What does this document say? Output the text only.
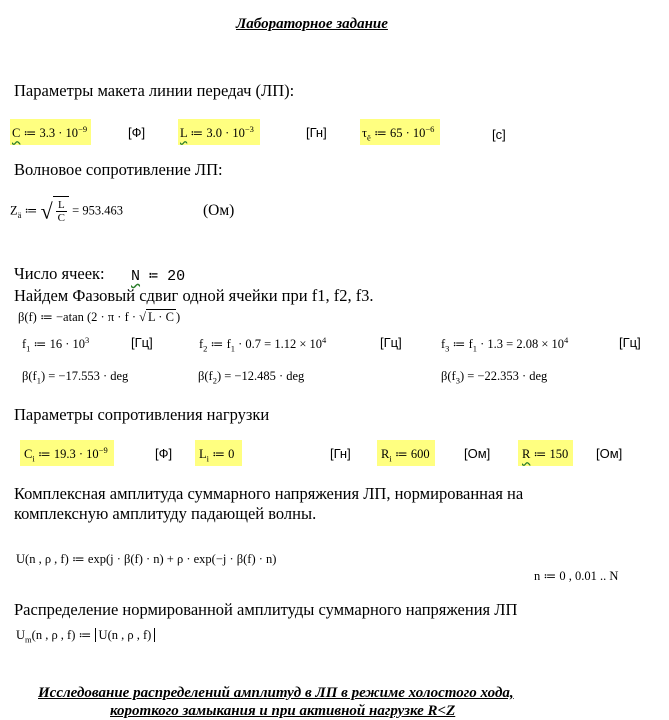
Лабораторное задание
Параметры макета линии передач (ЛП):
C ≔ $3.3 \cdot 10^{-9}$	[Ф]	L ≔ $3.0 \cdot 10^{-3}$	[Гн]	$\tau_ё$ ≔ $65 \cdot 10^{-6}$	[с]
Волновое сопротивление ЛП:
$Z_ä$ ≔ √ $\frac{L}{C} = 953.463$	(Ом)
Число ячеек: N ≔ 20
Найдем Фазовый сдвиг одной ячейки при f1, f2, f3.
β(f) ≔ −atan (2 · π · f · √ L · C )
$f_1$ ≔ $16 \cdot 10^3$	[Гц]	$f_2$ ≔ $f_1 \cdot 0.7 = 1.12 \times 10^4$	[Гц]	$f_3$ ≔ $f_1 \cdot 1.3 = 2.08 \times 10^4$	[Гц]
$\beta(f_1) = -17.553$ · deg	$\beta(f_2) = -12.485$ · deg	$\beta(f_3) = -22.353$ · deg
Параметры сопротивления нагрузки
$C_i$ ≔ $19.3 \cdot 10^{-9}$	[Ф]	$L_i$ ≔ 0	[Гн]	$R_i$ ≔ 600	[Ом]	R ≔ 150	[Ом]
Комплексная амплитуда суммарного напряжения ЛП, нормированная на
комплексную амплитуду падающей волны.
U(n , ρ , f) ≔ exp(j · β(f) · n) + ρ · exp(−j · β(f) · n)
n ≔ 0 , 0.01 .. N
Распределение нормированной амплитуды суммарного напряжения ЛП
$U_m(n$ , ρ , f) ≔ U(n , ρ , f)
Исследование распределений амплитуд в ЛП в режиме холостого хода,
короткого замыкания и при активной нагрузке R<Z
